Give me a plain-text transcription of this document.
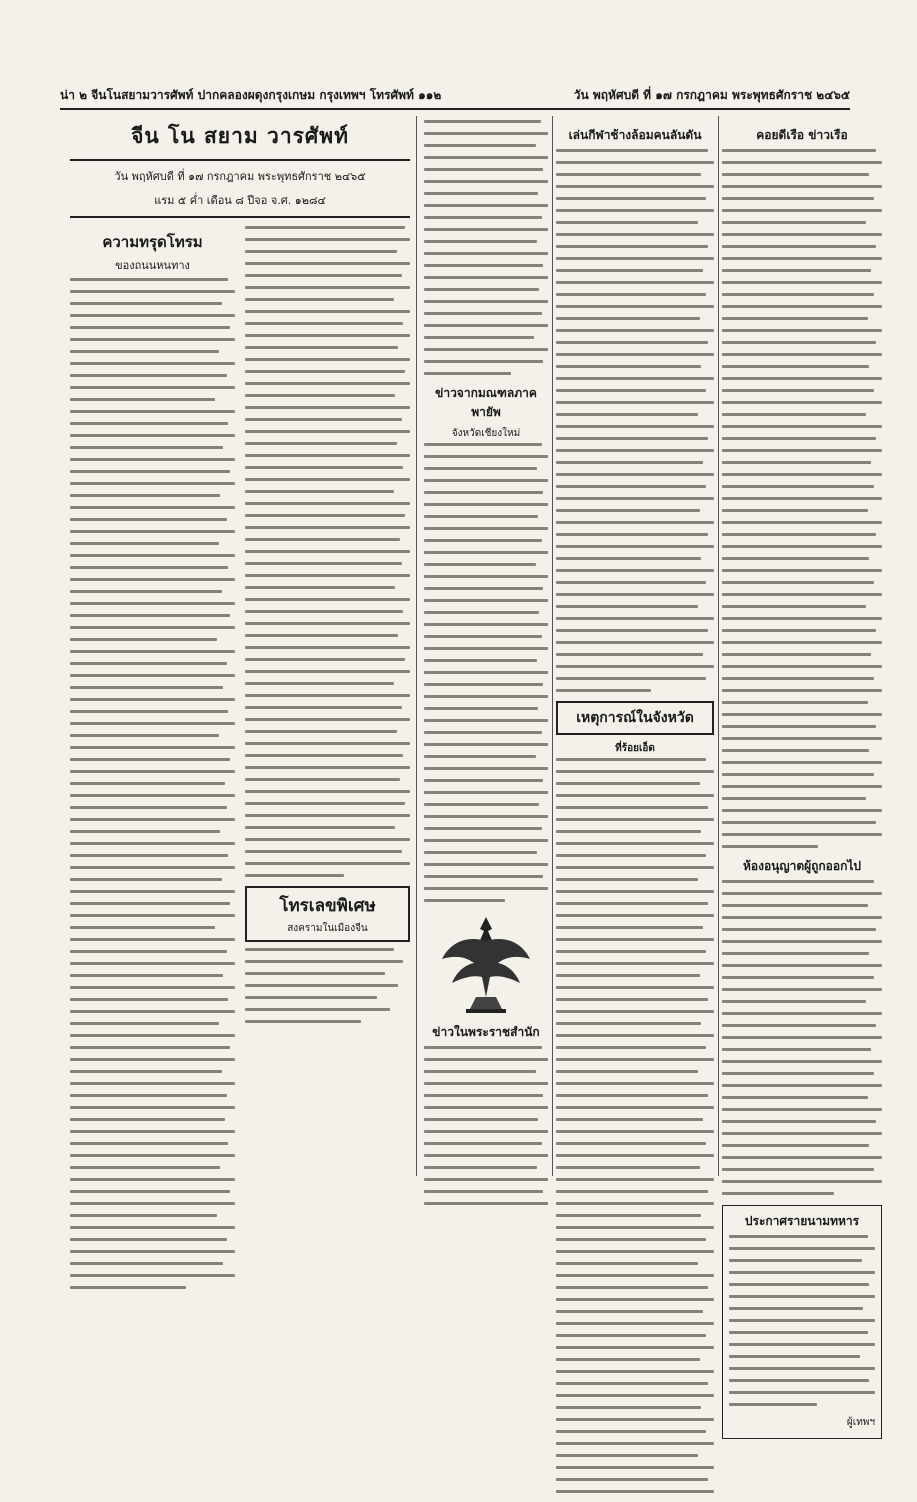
น่า ๒ จีนโนสยามวารศัพท์ ปากคลองผดุงกรุงเกษม กรุงเทพฯ โทรศัพท์ ๑๑๒	วัน พฤหัศบดี ที่ ๑๗ กรกฎาคม พระพุทธศักราช ๒๔๖๕
จีน โน สยาม วารศัพท์
วัน พฤหัศบดี ที่ ๑๗ กรกฎาคม พระพุทธศักราช ๒๔๖๕
แรม ๕ ค่ำ เดือน ๘ ปีจอ จ.ศ. ๑๒๘๔
ความทรุดโทรม
ของถนนหนทาง
โทรเลขพิเศษ
สงครามในเมืองจีน
ข่าวจากมณฑลภาคพายัพ
จังหวัดเชียงใหม่
ข่าวในพระราชสำนัก
เล่นกีฬาช้างล้อมคนลันดัน
เหตุการณ์ในจังหวัด
ที่ร้อยเอ็ด
คอยดีเรือ ข่าวเรือ
ห้องอนุญาตผู้ถูกออกไป
ประกาศรายนามทหาร
ผู้เทพฯ
